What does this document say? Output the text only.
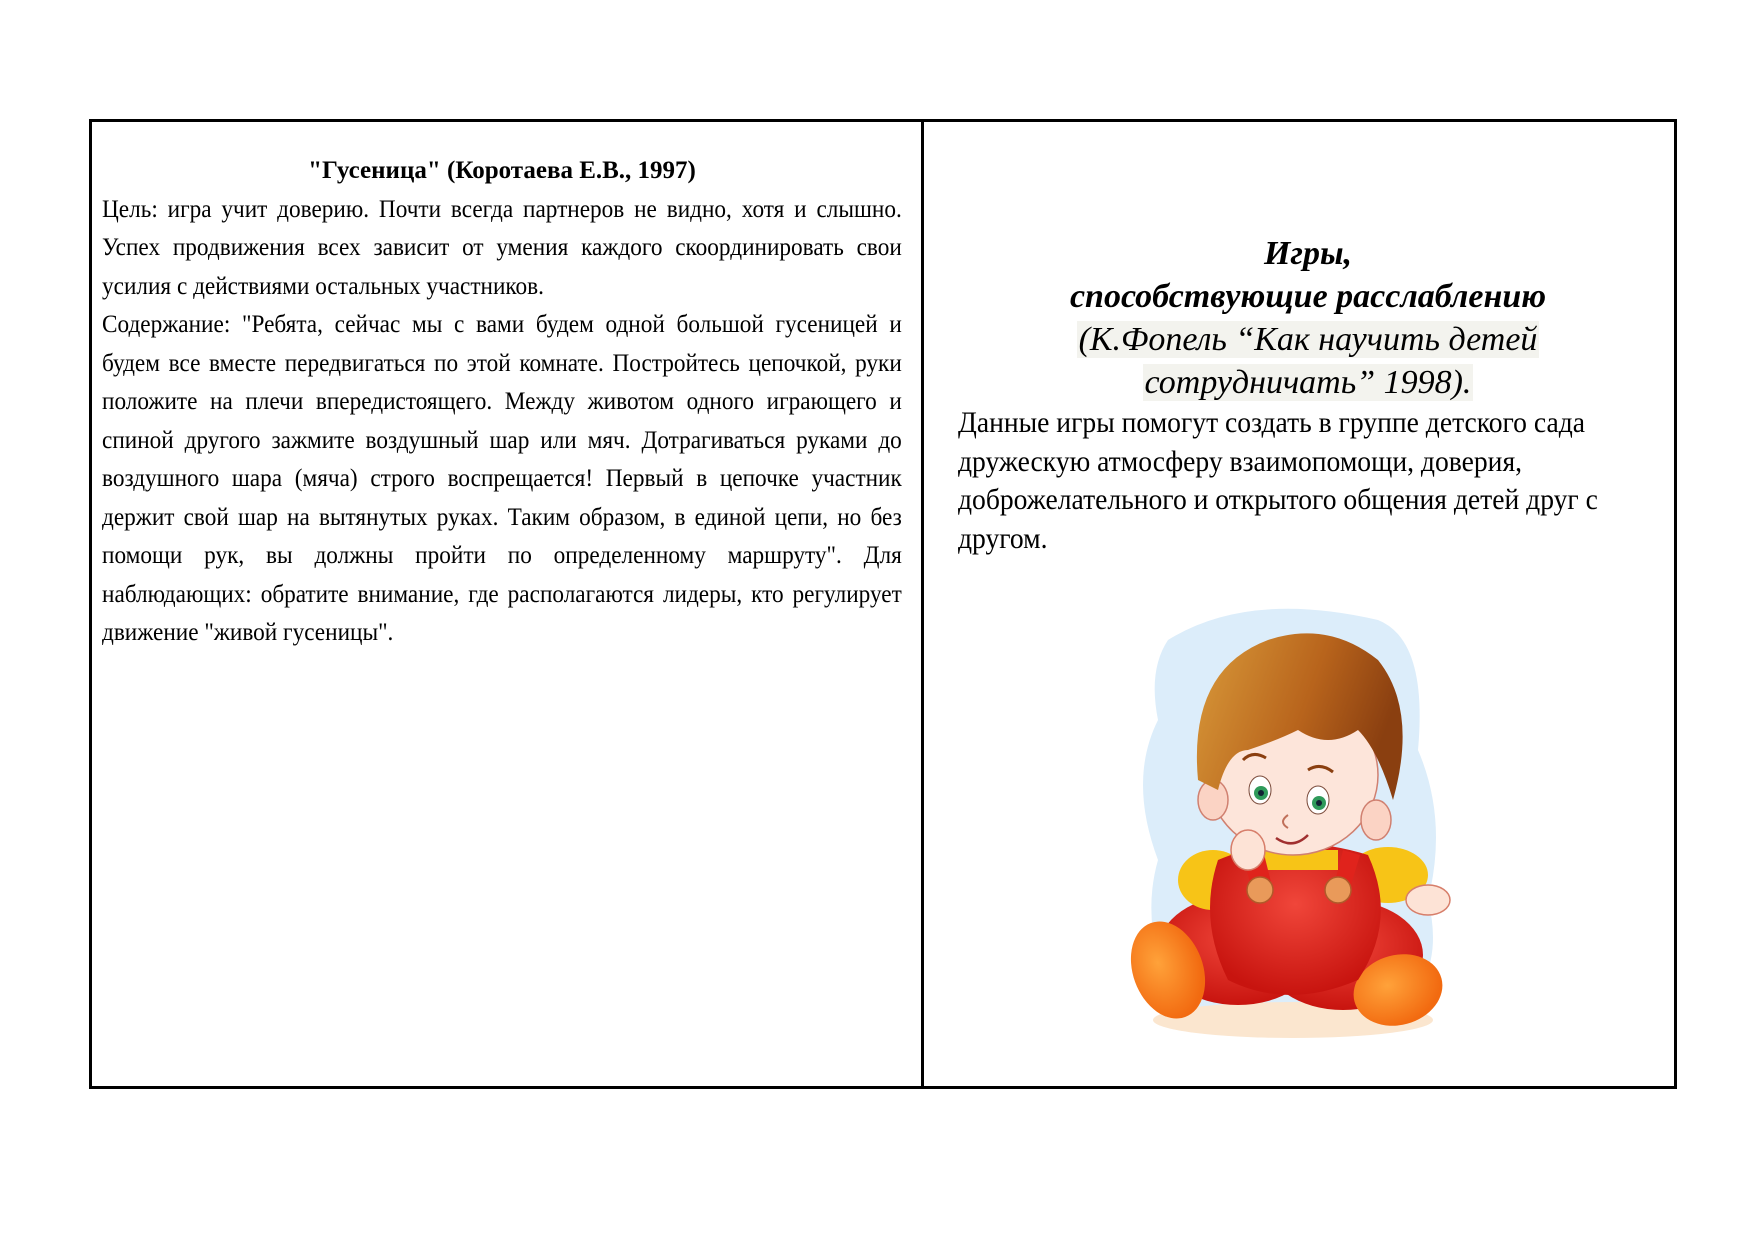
"Гусеница" (Коротаева Е.В., 1997)

Цель: игра учит доверию. Почти всегда партнеров не видно, хотя и слышно. Успех продвижения всех зависит от умения каждого скоординировать свои усилия с действиями остальных участников.

Содержание: "Ребята, сейчас мы с вами будем одной большой гусеницей и будем все вместе передвигаться по этой комнате. Постройтесь цепочкой, руки положите на плечи впередистоящего. Между животом одного играющего и спиной другого зажмите воздушный шар или мяч. Дотрагиваться руками до воздушного шара (мяча) строго воспрещается! Первый в цепочке участник держит свой шар на вытянутых руках. Таким образом, в единой цепи, но без помощи рук, вы должны пройти по определенному маршруту". Для наблюдающих: обратите внимание, где располагаются лидеры, кто регулирует движение "живой гусеницы".

Игры,

способствующие расслаблению

(К.Фопель “Как научить детей
сотрудничать” 1998).

Данные игры помогут создать в группе детского сада дружескую атмосферу взаимопомощи, доверия, доброжелательного и открытого общения детей друг с другом.
